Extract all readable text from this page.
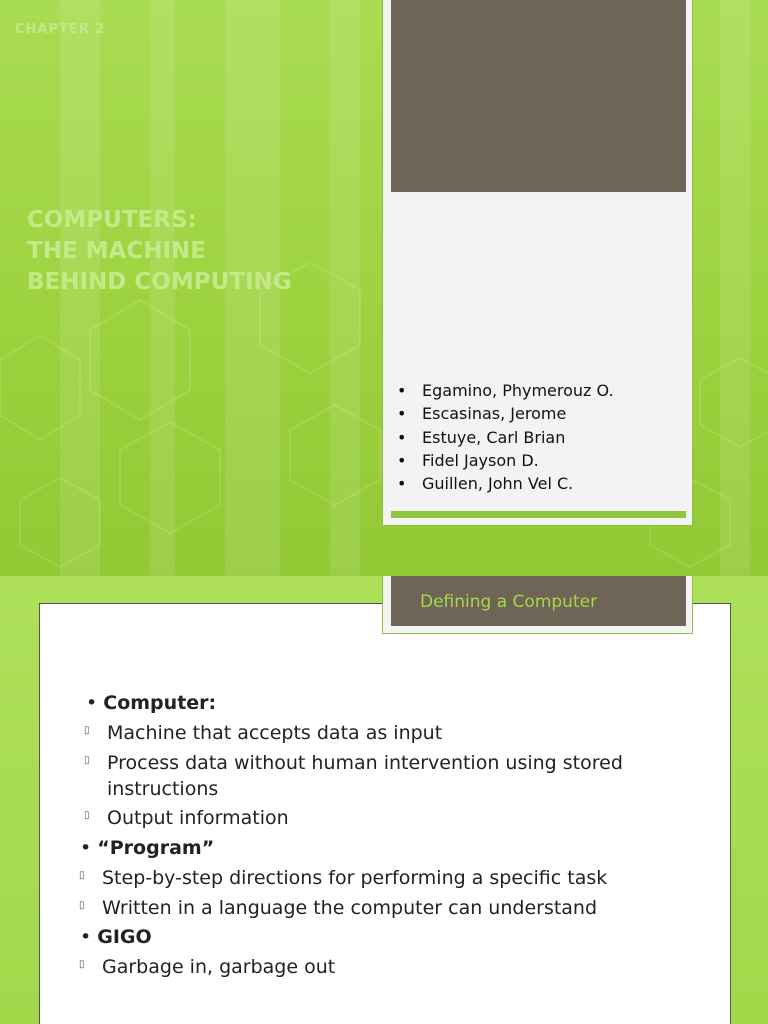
CHAPTER 2
COMPUTERS:
THE MACHINE
BEHIND COMPUTING
• Egamino, Phymerouz O.
• Escasinas, Jerome
• Estuye, Carl Brian
• Fidel Jayson D.
• Guillen, John Vel C.
• Computer:
▯ Machine that accepts data as input
▯ Process data without human intervention using stored
instructions
▯ Output information
• “Program”
▯ Step-by-step directions for performing a specific task
▯ Written in a language the computer can understand
• GIGO
▯ Garbage in, garbage out
Defining a Computer
